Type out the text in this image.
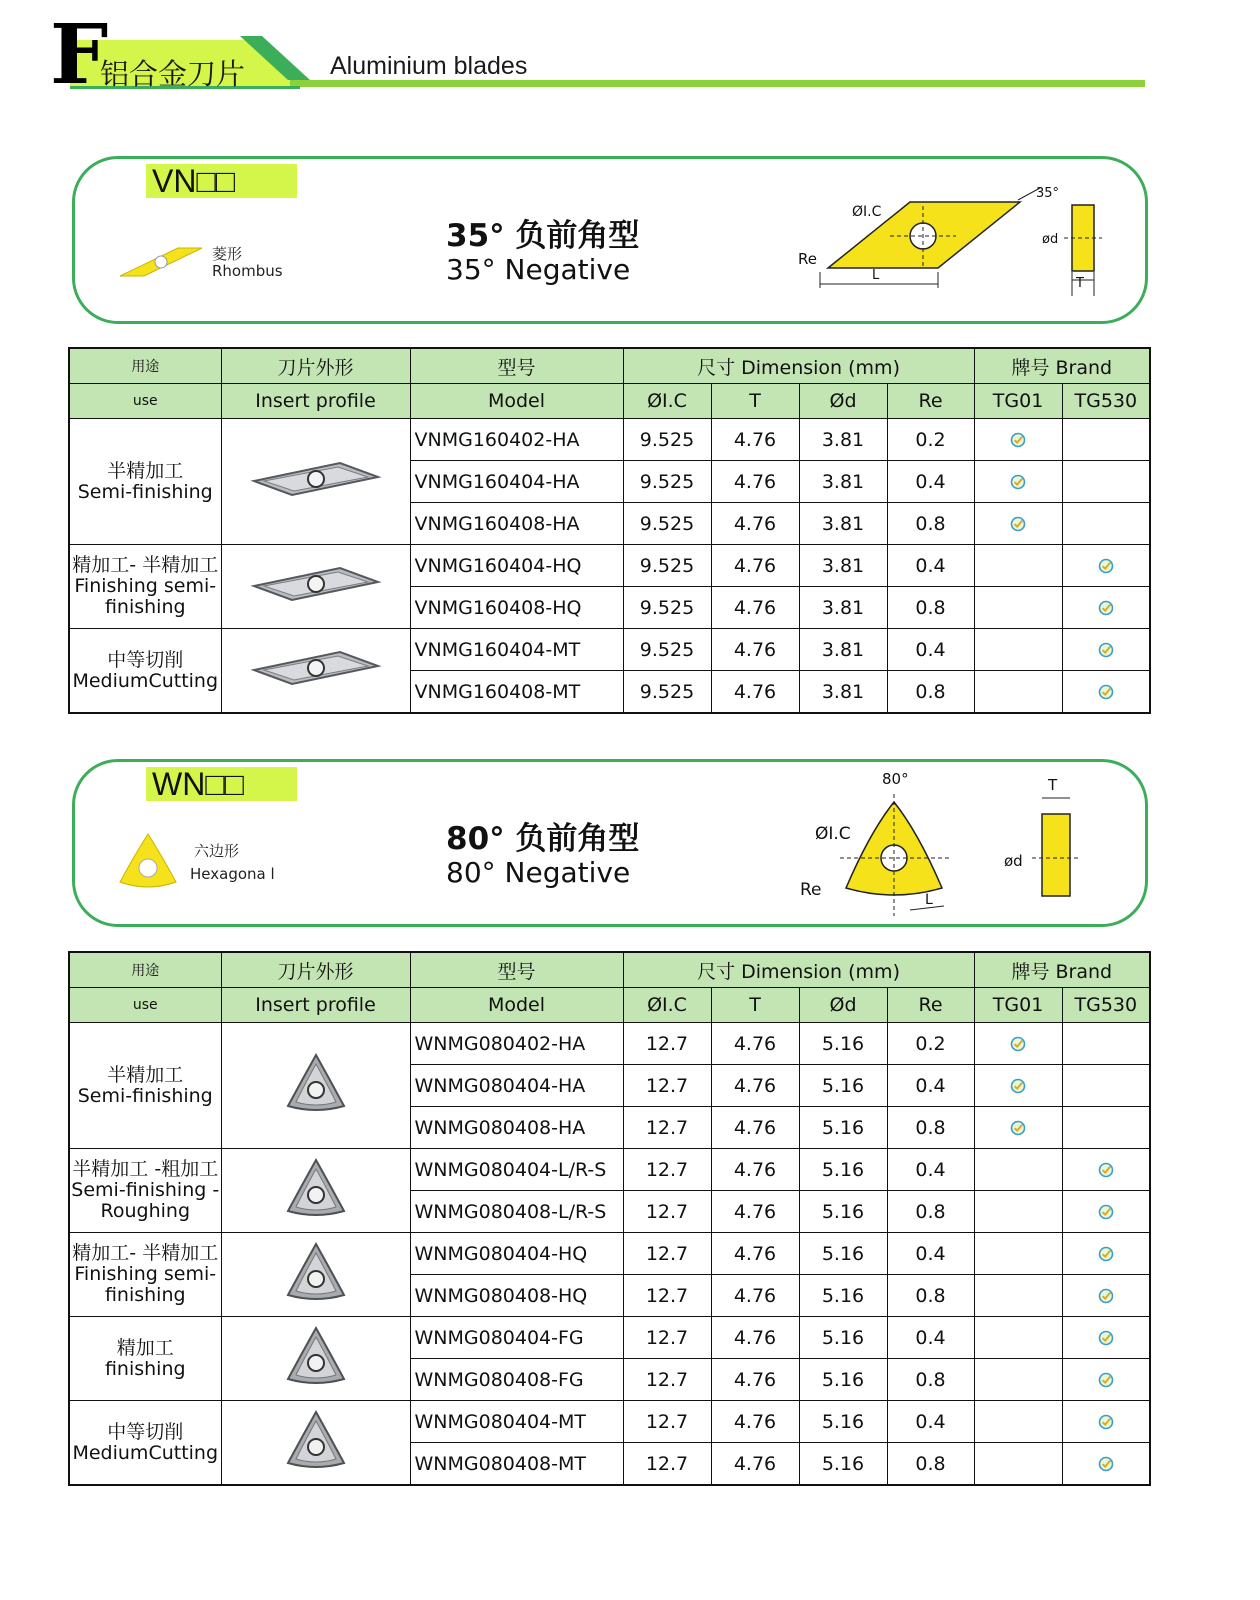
F
铝合金刀片	Aluminium blades
VN□□
菱形
Rhombus
35° 负前角型
35° Negative
ØI.C
35°
Re
L
ød
T
用途	刀片外形	型号	尺寸 Dimension (mm)				牌号 Brand	
use	Insert profile	Model	ØI.C	T	Ød	Re	TG01	TG530

半精加工
Semi-finishing		VNMG160402-HA	9.525	4.76	3.81	0.2		
		VNMG160404-HA	9.525	4.76	3.81	0.4		
		VNMG160408-HA	9.525	4.76	3.81	0.8		

精加工- 半精加工
Finishing semi-finishing		VNMG160404-HQ	9.525	4.76	3.81	0.4		
		VNMG160408-HQ	9.525	4.76	3.81	0.8		

中等切削
MediumCutting		VNMG160404-MT	9.525	4.76	3.81	0.4		
		VNMG160408-MT	9.525	4.76	3.81	0.8		
WN□□
六边形
Hexagona l
80° 负前角型
80° Negative
80°
ØI.C
Re	L
ød
T
用途	刀片外形	型号	尺寸 Dimension (mm)				牌号 Brand	
use	Insert profile	Model	ØI.C	T	Ød	Re	TG01	TG530

半精加工
Semi-finishing		WNMG080402-HA	12.7	4.76	5.16	0.2		
		WNMG080404-HA	12.7	4.76	5.16	0.4		
		WNMG080408-HA	12.7	4.76	5.16	0.8		

半精加工 -粗加工
Semi-finishing - Roughing		WNMG080404-L/R-S	12.7	4.76	5.16	0.4		
		WNMG080408-L/R-S	12.7	4.76	5.16	0.8		

精加工- 半精加工
Finishing semi-finishing		WNMG080404-HQ	12.7	4.76	5.16	0.4		
		WNMG080408-HQ	12.7	4.76	5.16	0.8		

精加工
finishing		WNMG080404-FG	12.7	4.76	5.16	0.4		
		WNMG080408-FG	12.7	4.76	5.16	0.8		

中等切削
MediumCutting		WNMG080404-MT	12.7	4.76	5.16	0.4		
		WNMG080408-MT	12.7	4.76	5.16	0.8		
